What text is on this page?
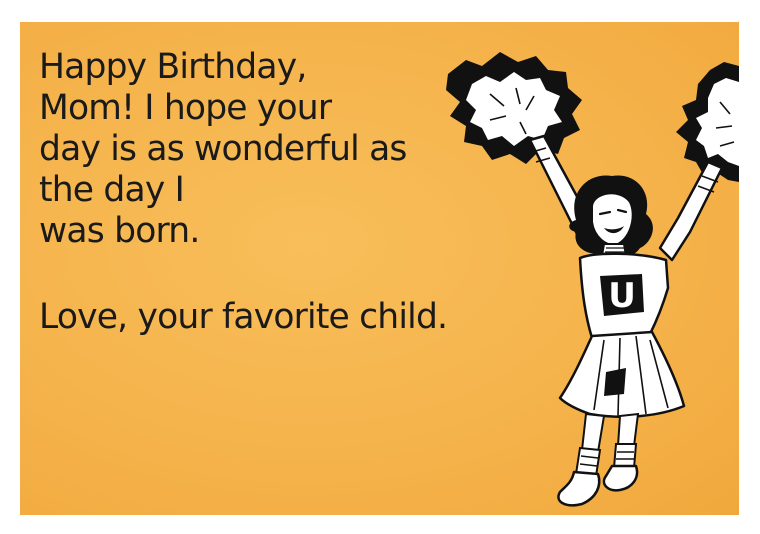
Happy Birthday,
Mom! I hope your
day is as wonderful as
the day I
was born.
Love, your favorite child.
U
